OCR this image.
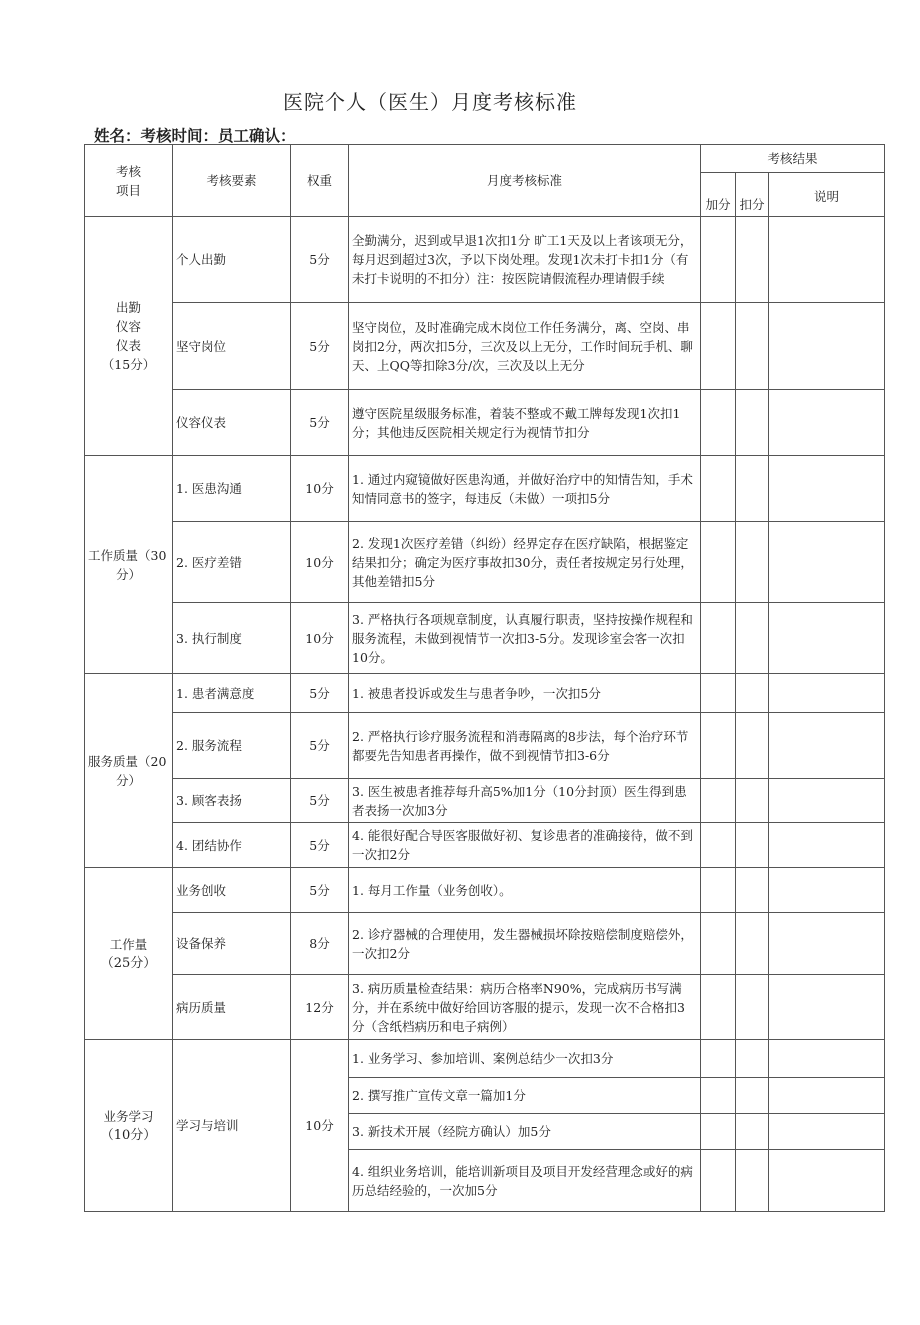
医院个人（医生）月度考核标准
姓名：考核时间：员工确认：
考核
项目	考核要素	权重	月度考核标准	考核结果		
				加分	扣分	说明

出勤
仪容
仪表
（15分）	个人出勤	5分	全勤满分，迟到或早退1次扣1分 旷工1天及以上者该项无分，每月迟到超过3次，予以下岗处理。发现1次未打卡扣1分（有未打卡说明的不扣分）注：按医院请假流程办理请假手续			
	坚守岗位	5分	坚守岗位，及时准确完成木岗位工作任务满分，离、空岗、串岗扣2分，两次扣5分，三次及以上无分，工作时间玩手机、聊天、上QQ等扣除3分/次，三次及以上无分			
	仪容仪表	5分	遵守医院星级服务标准，着装不整或不戴工牌每发现1次扣1分；其他违反医院相关规定行为视情节扣分			

工作质量（30
分）	1. 医患沟通	10分	1. 通过内窥镜做好医患沟通，并做好治疗中的知情告知，手术知情同意书的签字，每违反（未做）一项扣5分			
	2. 医疗差错	10分	2. 发现1次医疗差错（纠纷）经界定存在医疗缺陷，根据鉴定结果扣分；确定为医疗事故扣30分，责任者按规定另行处理，其他差错扣5分			
	3. 执行制度	10分	3. 严格执行各项规章制度，认真履行职责，坚持按操作规程和服务流程，未做到视情节一次扣3-5分。发现诊室会客一次扣10分。			

服务质量（20
分）	1. 患者满意度	5分	1. 被患者投诉或发生与患者争吵，一次扣5分			
	2. 服务流程	5分	2. 严格执行诊疗服务流程和消毒隔离的8步法，每个治疗环节都要先告知患者再操作，做不到视情节扣3-6分			
	3. 顾客表扬	5分	3. 医生被患者推荐每升高5%加1分（10分封顶）医生得到患者表扬一次加3分			
	4. 团结协作	5分	4. 能很好配合导医客服做好初、复诊患者的准确接待，做不到一次扣2分			
工作量
（25分）	业务创收	5分	1. 每月工作量（业务创收）。			
	设备保养	8分	2. 诊疗器械的合理使用，发生器械损坏除按赔偿制度赔偿外，一次扣2分			
	病历质量	12分	3. 病历质量检查结果：病历合格率N90%，完成病历书写满分，并在系统中做好给回访客服的提示，发现一次不合格扣3分（含纸档病历和电子病例）			
业务学习
（10分）	学习与培训	10分	1. 业务学习、参加培训、案例总结少一次扣3分			
			2. 撰写推广宣传文章一篇加1分			
			3. 新技术开展（经院方确认）加5分			
			4. 组织业务培训，能培训新项目及项目开发经营理念或好的病历总结经验的，一次加5分			
